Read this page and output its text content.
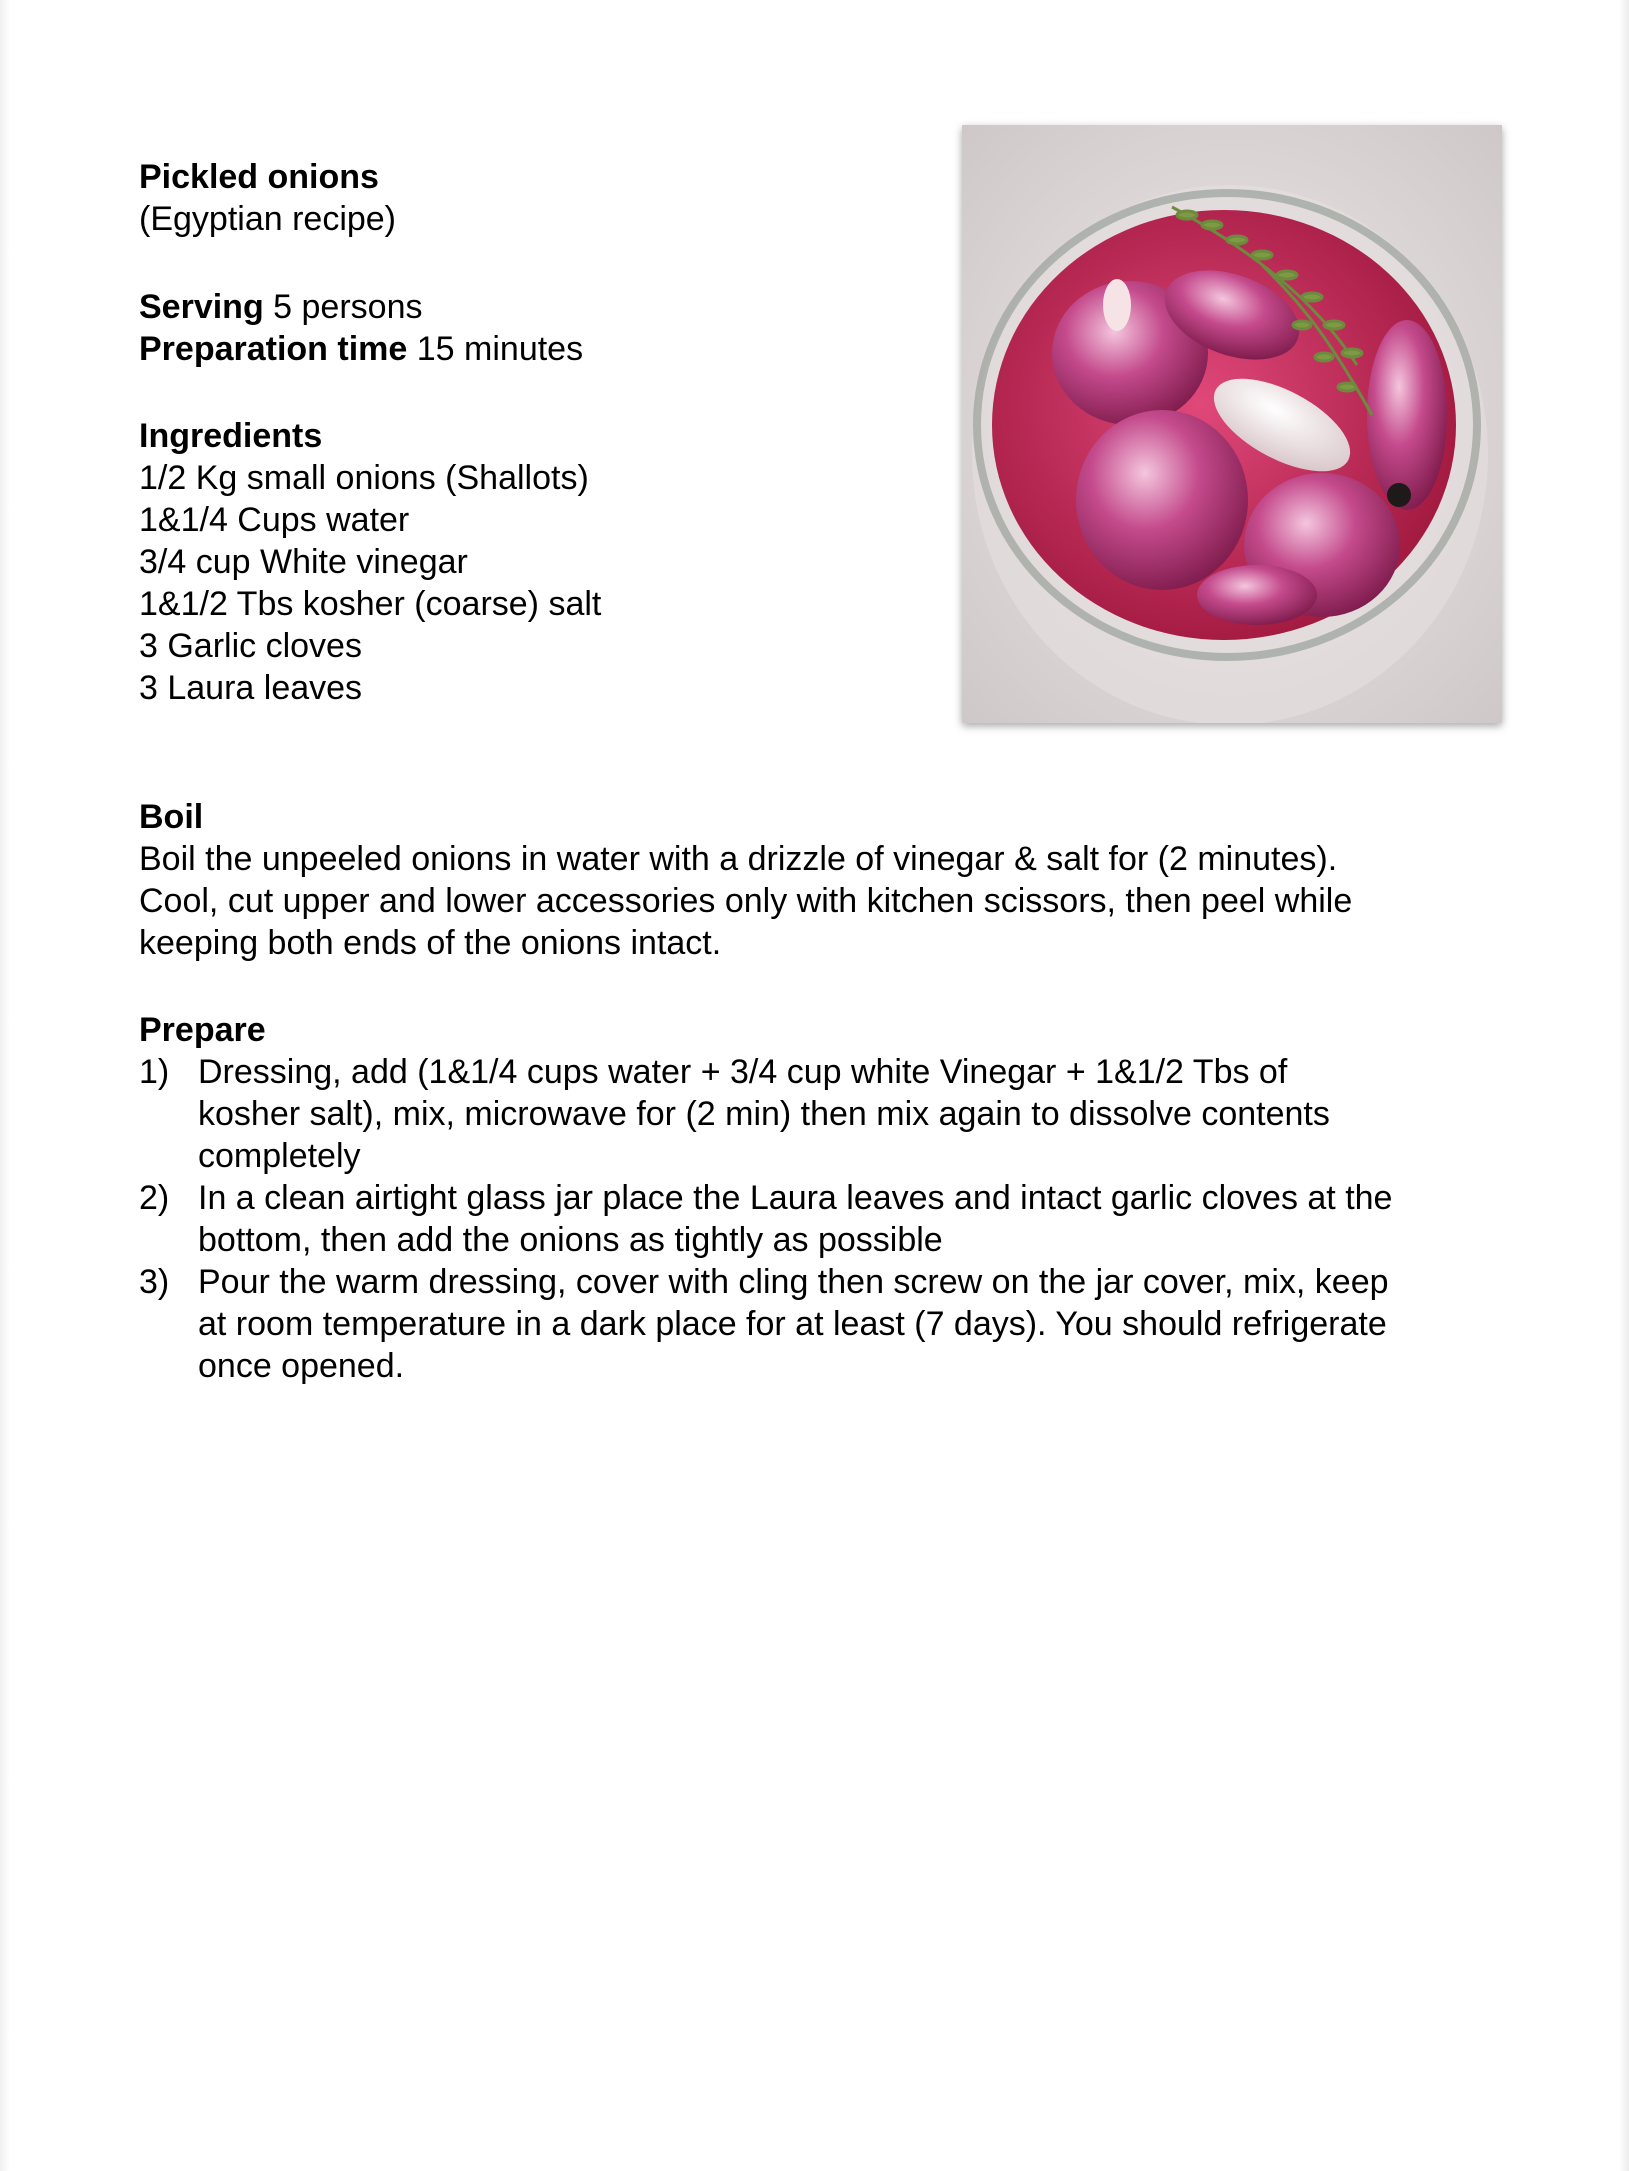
Pickled onions
(Egyptian recipe)
Serving 5 persons
Preparation time 15 minutes
Ingredients
1/2 Kg small onions (Shallots)
1&1/4 Cups water
3/4 cup White vinegar
1&1/2 Tbs kosher (coarse) salt
3 Garlic cloves
3 Laura leaves
Boil
Boil the unpeeled onions in water with a drizzle of vinegar & salt for (2 minutes).
Cool, cut upper and lower accessories only with kitchen scissors, then peel while
keeping both ends of the onions intact.
Prepare
1) Dressing, add (1&1/4 cups water + 3/4 cup white Vinegar + 1&1/2 Tbs of
kosher salt), mix, microwave for (2 min) then mix again to dissolve contents
completely
2) In a clean airtight glass jar place the Laura leaves and intact garlic cloves at the
bottom, then add the onions as tightly as possible
3) Pour the warm dressing, cover with cling then screw on the jar cover, mix, keep
at room temperature in a dark place for at least (7 days). You should refrigerate
once opened.
